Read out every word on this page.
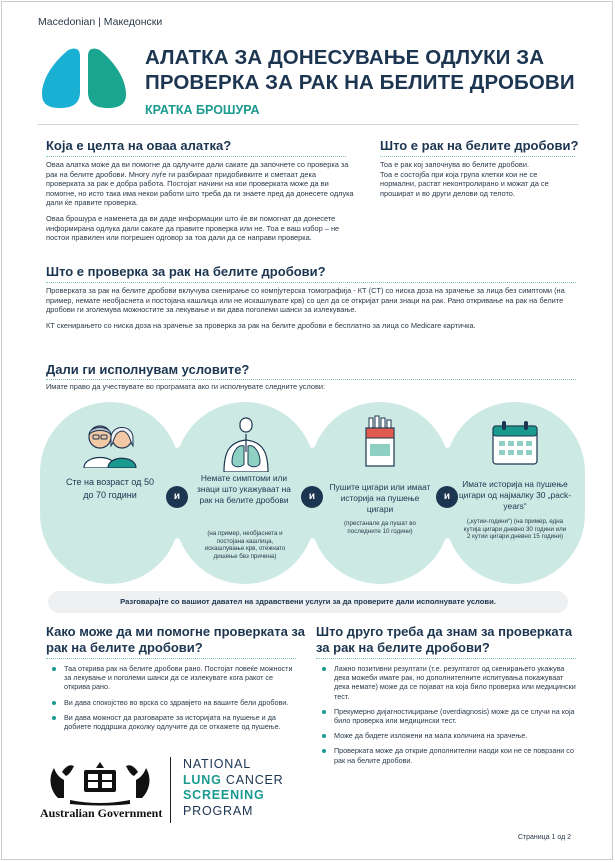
Macedonian | Македонски
АЛАТКА ЗА ДОНЕСУВАЊЕ ОДЛУКИ ЗА
ПРОВЕРКА ЗА РАК НА БЕЛИТЕ ДРОБОВИ
КРАТКА БРОШУРА
Која е целта на оваа алатка?

Оваа алатка може да ви помогне да одлучите дали сакате да започнете со проверка за рак на белите дробови. Многу луѓе ги разбираат придобивките и сметаат дека проверката за рак е добра работа. Постојат начини на кои проверката може да ви помогне, но исто така има некои работи што треба да ги знаете пред да донесете одлука дали ќе правите проверка.

Оваа брошура е наменета да ви даде информации што ќе ви помогнат да донесете информирана одлука дали сакате да правите проверка или не. Тоа е ваш избор – не постои правилен или погрешен одговор за тоа дали да се направи проверка.

Што е рак на белите дробови?

Тоа е рак кој започнува во белите дробови.

Тоа е состојба при која група клетки кои не се нормални, растат неконтролирано и можат да се прошират и во други делови од телото.

Што е проверка за рак на белите дробови?

Проверката за рак на белите дробови вклучува скенирање со компјутерска томографија - КТ (CT) со ниска доза на зрачење за лица без симптоми (на пример, немате необјаснета и постојана кашлица или не искашлувате крв) со цел да се откријат рани знаци на рак. Рано откривање на рак на белите дробови ги зголемува можностите за лекување и ви дава поголеми шанси за излекување.

КТ скенирањето со ниска доза на зрачење за проверка за рак на белите дробови е бесплатно за лица со Medicare картичка.

Дали ги исполнувам условите?
Имате право да учествувате во програмата ако ги исполнувате следните услови:
Сте на возраст од 50 до 70 години
Немате симптоми или знаци што укажуваат на рак на белите дробови
(на пример, необјаснета и постојана кашлица, искашлување крв, отежнато дишење без причина)
Пушите цигари или имаат историја на пушење цигари
(престанале да пушат во последните 10 години)
Имате историја на пушење цигари од најмалку 30 „pack-years“
(„кутии-години“) (на пример, една кутија цигари дневно 30 години или 2 кутии цигари дневно 15 години)
и	и	и
Разговарајте со вашиот давател на здравствени услуги за да проверите дали исполнувате услови.
Како може да ми помогне проверката за рак на белите дробови?
Таа открива рак на белите дробови рано. Постојат повеќе можности за лекување и поголеми шанси да се излекувате кога ракот се открива рано.
Ви дава спокојство во врска со здравјето на вашите бели дробови.
Ви дава можност да разговарате за историјата на пушење и да добиете поддршка доколку одлучите да се откажете од пушење.
Што друго треба да знам за проверката за рак на белите дробови?
Лажно позитивни резултати (т.е. резултатот од скенирањето укажува дека можеби имате рак, но дополнителните испитувања покажуваат дека немате) може да се појават на која било проверка или медицински тест.
Прекумерно дијагностицирање (overdiagnosis) може да се случи на која било проверка или медицински тест.
Може да бидете изложени на мала количина на зрачење.
Проверката може да открие дополнителни наоди кои не се поврзани со рак на белите дробови.
Australian Government
NATIONAL
LUNG CANCER
SCREENING
PROGRAM
Страница 1 од 2
